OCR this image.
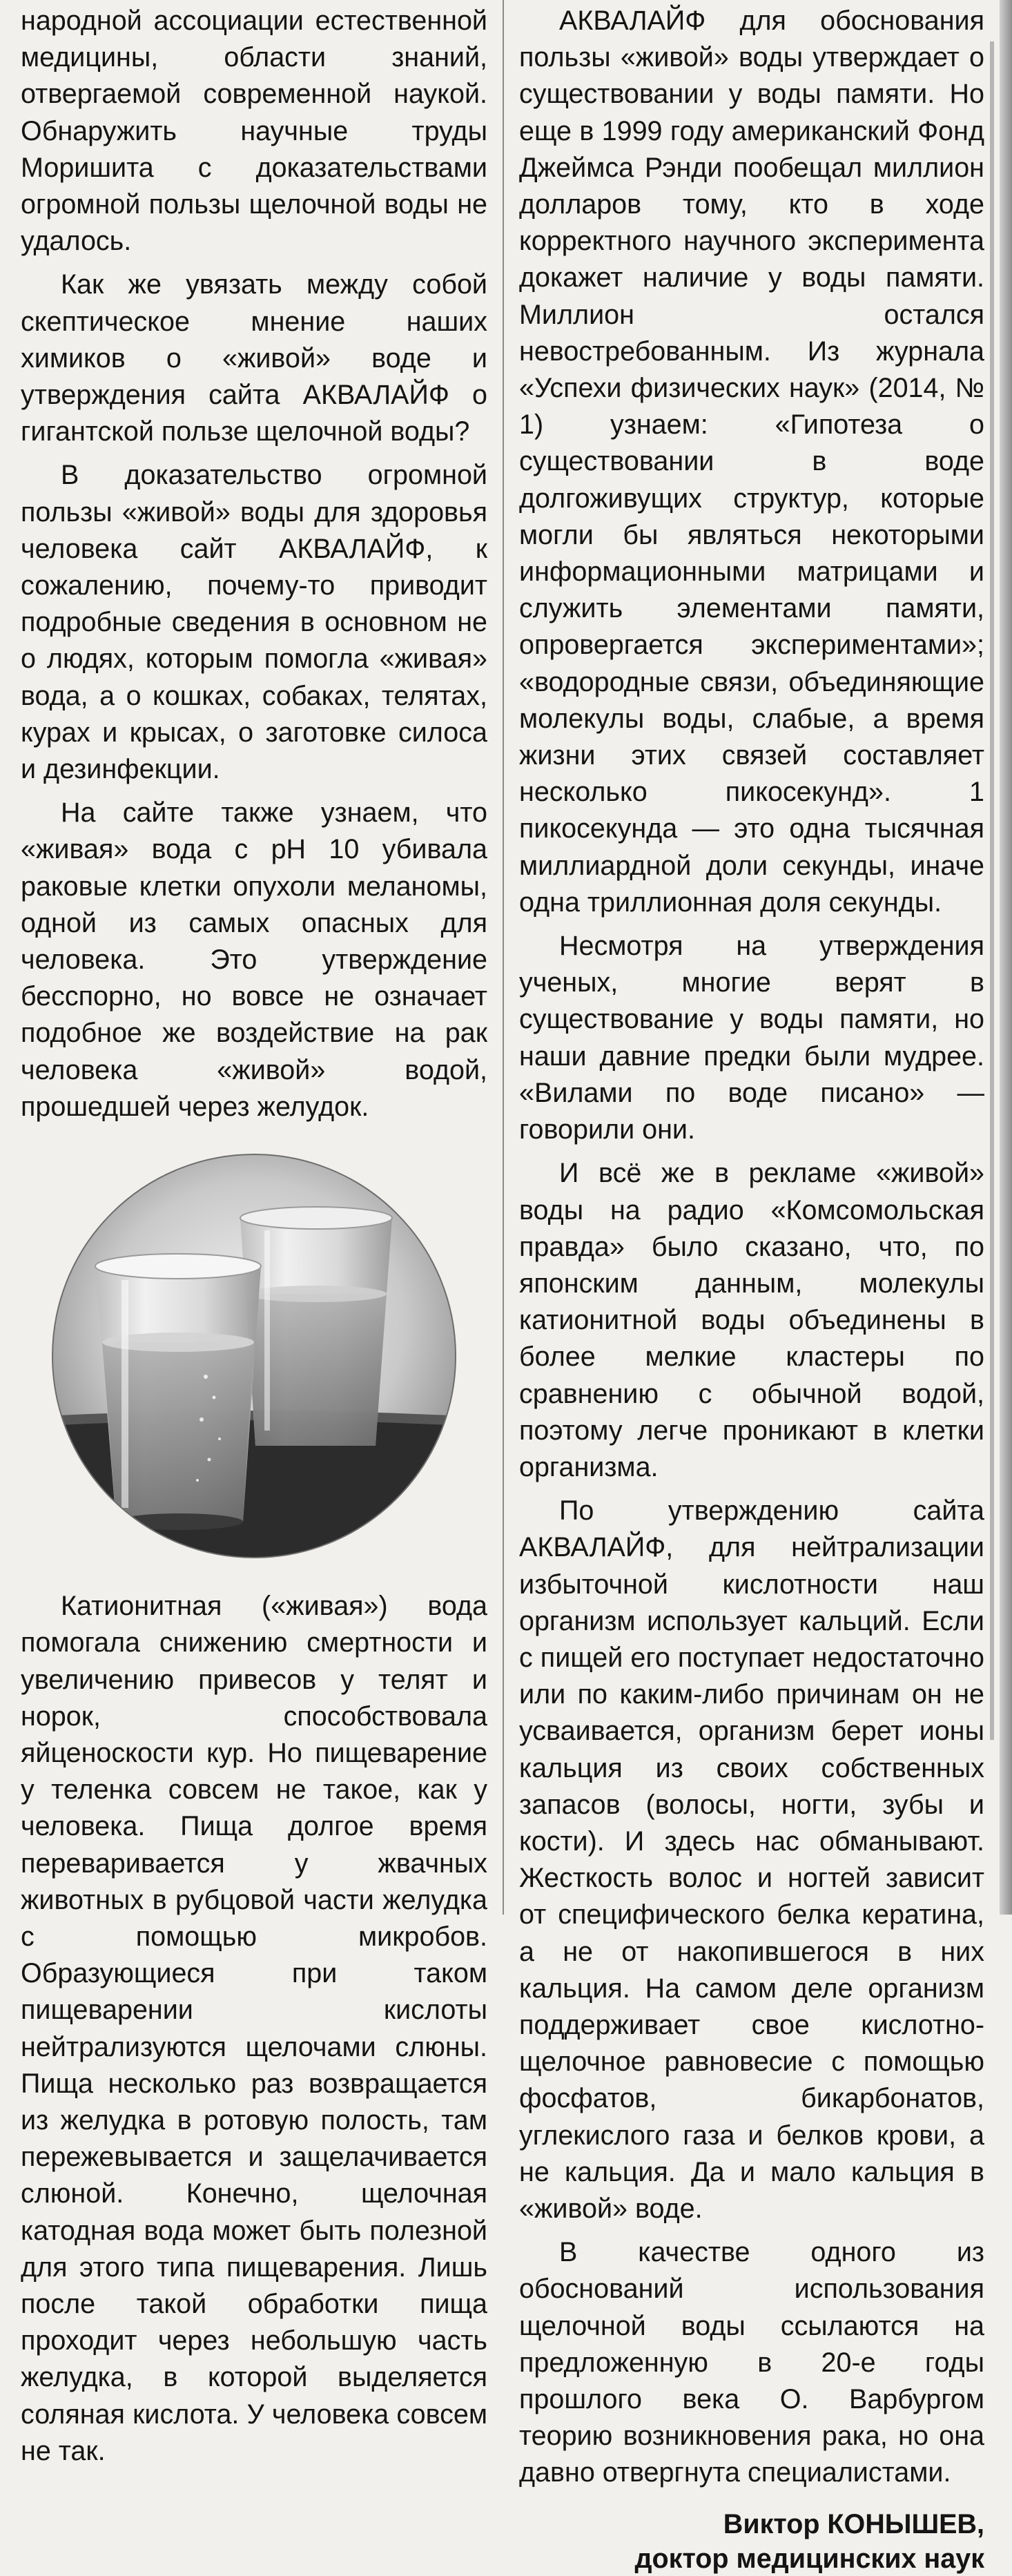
народной ассоциации естественной медицины, области знаний, отвергаемой современной наукой. Обнаружить научные труды Моришита с доказательствами огромной пользы щелочной воды не удалось.

Как же увязать между собой скептическое мнение наших химиков о «живой» воде и утверждения сайта АКВАЛАЙФ о гигантской пользе щелочной воды?

В доказательство огромной пользы «живой» воды для здоровья человека сайт АКВАЛАЙФ, к сожалению, почему-то приводит подробные сведения в основном не о людях, которым помогла «живая» вода, а о кошках, собаках, телятах, курах и крысах, о заготовке силоса и дезинфекции.

На сайте также узнаем, что «живая» вода с pH 10 убивала раковые клетки опухоли меланомы, одной из самых опасных для человека. Это утверждение бесспорно, но вовсе не означает подобное же воздействие на рак человека «живой» водой, прошедшей через желудок.

Катионитная («живая») вода помогала снижению смертности и увеличению привесов у телят и норок, способствовала яйценоскости кур. Но пищеварение у теленка совсем не такое, как у человека. Пища долгое время переваривается у жвачных животных в рубцовой части желудка с помощью микробов. Образующиеся при таком пищеварении кислоты нейтрализуются щелочами слюны. Пища несколько раз возвращается из желудка в ротовую полость, там пережевывается и защелачивается слюной. Конечно, щелочная катодная вода может быть полезной для этого типа пищеварения. Лишь после такой обработки пища проходит через небольшую часть желудка, в которой выделяется соляная кислота. У человека совсем не так.

АКВАЛАЙФ для обоснования пользы «живой» воды утверждает о существовании у воды памяти. Но еще в 1999 году американский Фонд Джеймса Рэнди пообещал миллион долларов тому, кто в ходе корректного научного эксперимента докажет наличие у воды памяти. Миллион остался невостребованным. Из журнала «Успехи физических наук» (2014, № 1) узнаем: «Гипотеза о существовании в воде долгоживущих структур, которые могли бы являться некоторыми информационными матрицами и служить элементами памяти, опровергается экспериментами»; «водородные связи, объединяющие молекулы воды, слабые, а время жизни этих связей составляет несколько пикосекунд». 1 пикосекунда — это одна тысячная миллиардной доли секунды, иначе одна триллионная доля секунды.

Несмотря на утверждения ученых, многие верят в существование у воды памяти, но наши давние предки были мудрее. «Вилами по воде писано» — говорили они.

И всё же в рекламе «живой» воды на радио «Комсомольская правда» было сказано, что, по японским данным, молекулы катионитной воды объединены в более мелкие кластеры по сравнению с обычной водой, поэтому легче проникают в клетки организма.

По утверждению сайта АКВАЛАЙФ, для нейтрализации избыточной кислотности наш организм использует кальций. Если с пищей его поступает недостаточно или по каким-либо причинам он не усваивается, организм берет ионы кальция из своих собственных запасов (волосы, ногти, зубы и кости). И здесь нас обманывают. Жесткость волос и ногтей зависит от специфического белка кератина, а не от накопившегося в них кальция. На самом деле организм поддерживает свое кислотно-щелочное равновесие с помощью фосфатов, бикарбонатов, углекислого газа и белков крови, а не кальция. Да и мало кальция в «живой» воде.

В качестве одного из обоснований использования щелочной воды ссылаются на предложенную в 20-е годы прошлого века О. Варбургом теорию возникновения рака, но она давно отвергнута специалистами.

Виктор КОНЫШЕВ,
доктор медицинских наук
